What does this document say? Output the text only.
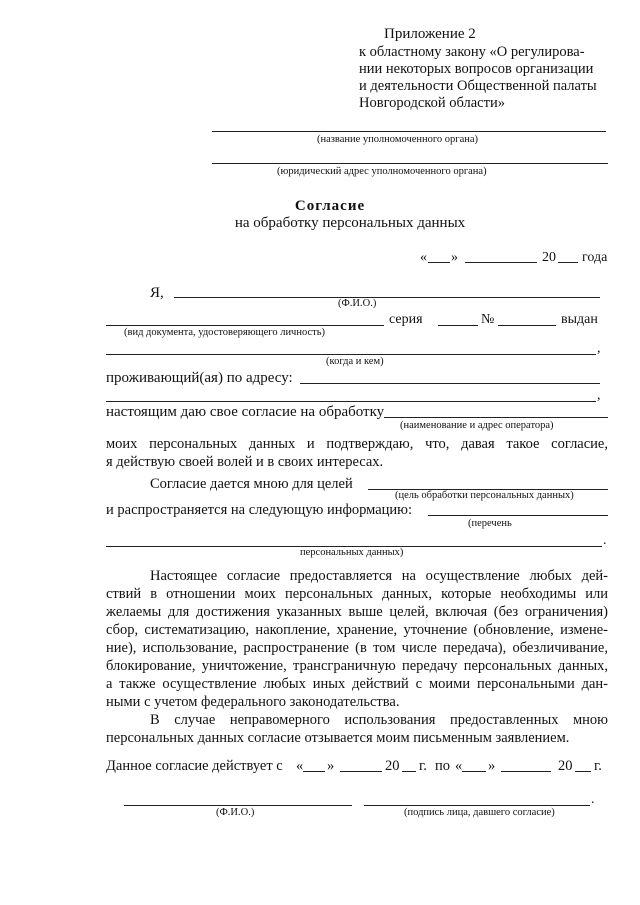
Приложение 2
к областному закону «О регулирова-
нии некоторых вопросов организации
и деятельности Общественной палаты
Новгородской области»
(название уполномоченного органа)
(юридический адрес уполномоченного органа)
Согласие
на обработку персональных данных
« »	20 года
Я,
(Ф.И.О.)
серия	№	выдан
(вид документа, удостоверяющего личность)
,
(когда и кем)
проживающий(ая) по адресу:
,
настоящим даю свое согласие на обработку
(наименование и адрес оператора)
моих персональных данных и подтверждаю, что, давая такое согласие,
я действую своей волей и в своих интересах.
Согласие дается мною для целей
(цель обработки персональных данных)
и распространяется на следующую информацию:
(перечень
.
персональных данных)
Настоящее согласие предоставляется на осуществление любых дей-
ствий в отношении моих персональных данных, которые необходимы или
желаемы для достижения указанных выше целей, включая (без ограничения)
сбор, систематизацию, накопление, хранение, уточнение (обновление, измене-
ние), использование, распространение (в том числе передача), обезличивание,
блокирование, уничтожение, трансграничную передачу персональных данных,
а также осуществление любых иных действий с моими персональными дан-
ными с учетом федерального законодательства.
В случае неправомерного использования предоставленных мною
персональных данных согласие отзывается моим письменным заявлением.
Данное согласие действует с « »	20 г. по « »	20 г.
(Ф.И.О.)
.
(подпись лица, давшего согласие)
